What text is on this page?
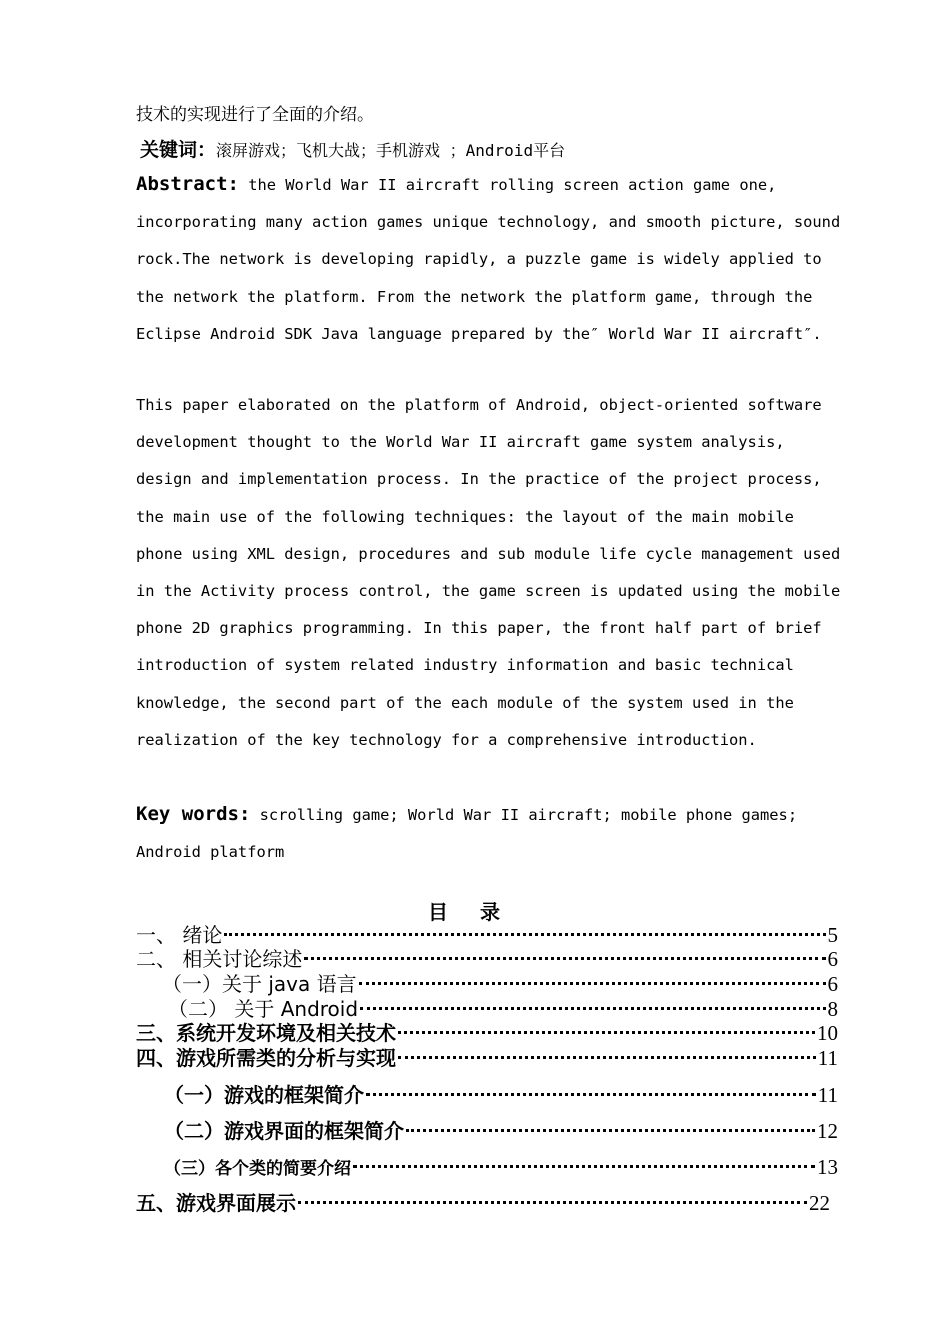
技术的实现进行了全面的介绍。
关键词：滚屏游戏；飞机大战；手机游戏 ；Android平台
Abstract: the World War II aircraft rolling screen action game one, incorporating many action games unique technology, and smooth picture, sound rock.The network is developing rapidly, a puzzle game is widely applied to the network the platform. From the network the platform game, through the Eclipse Android SDK Java language prepared by the″ World War II aircraft″.
This paper elaborated on the platform of Android, object-oriented software development thought to the World War II aircraft game system analysis, design and implementation process. In the practice of the project process, the main use of the following techniques: the layout of the main mobile phone using XML design, procedures and sub module life cycle management used in the Activity process control, the game screen is updated using the mobile phone 2D graphics programming. In this paper, the front half part of brief introduction of system related industry information and basic technical knowledge, the second part of the each module of the system used in the realization of the key technology for a comprehensive introduction.
Key words: scrolling game; World War II aircraft; mobile phone games; Android platform
目录
一、 绪论	5
二、 相关讨论综述	6
（一）关于 java 语言	6
（二） 关于 Android	8
三、系统开发环境及相关技术	10
四、游戏所需类的分析与实现	11
（一）游戏的框架简介	11
（二）游戏界面的框架简介	12
（三）各个类的简要介绍	13
五、游戏界面展示	22
